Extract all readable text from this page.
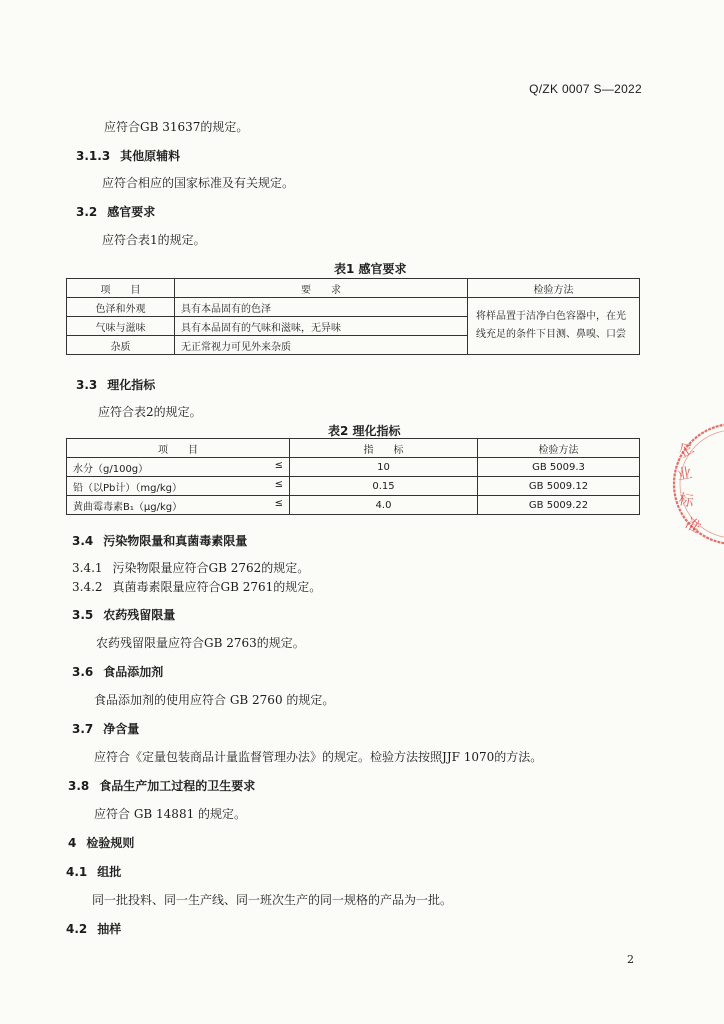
Q/ZK 0007 S—2022
应符合GB 31637的规定。
3.1.3 其他原辅料
应符合相应的国家标准及有关规定。
3.2 感官要求
应符合表1的规定。
表1 感官要求
项　　目	要　　求	检验方法
色泽和外观	具有本品固有的色泽	将样品置于洁净白色容器中，在光线充足的条件下目测、鼻嗅、口尝
气味与滋味	具有本品固有的气味和滋味，无异味	
杂质	无正常视力可见外来杂质	
3.3 理化指标
应符合表2的规定。
表2 理化指标
项　　目	指　　标	检验方法
水分（g/100g） ≤	10	GB 5009.3
铅（以Pb计）（mg/kg） ≤	0.15	GB 5009.12
黄曲霉毒素B₁（μg/kg） ≤	4.0	GB 5009.22
3.4 污染物限量和真菌毒素限量
3.4.1 污染物限量应符合GB 2762的规定。
3.4.2 真菌毒素限量应符合GB 2761的规定。
3.5 农药残留限量
农药残留限量应符合GB 2763的规定。
3.6 食品添加剂
食品添加剂的使用应符合 GB 2760 的规定。
3.7 净含量
应符合《定量包装商品计量监督管理办法》的规定。检验方法按照JJF 1070的方法。
3.8 食品生产加工过程的卫生要求
应符合 GB 14881 的规定。
4 检验规则
4.1 组批
同一批投料、同一生产线、同一班次生产的同一规格的产品为一批。
4.2 抽样
2
企
业
标
准
